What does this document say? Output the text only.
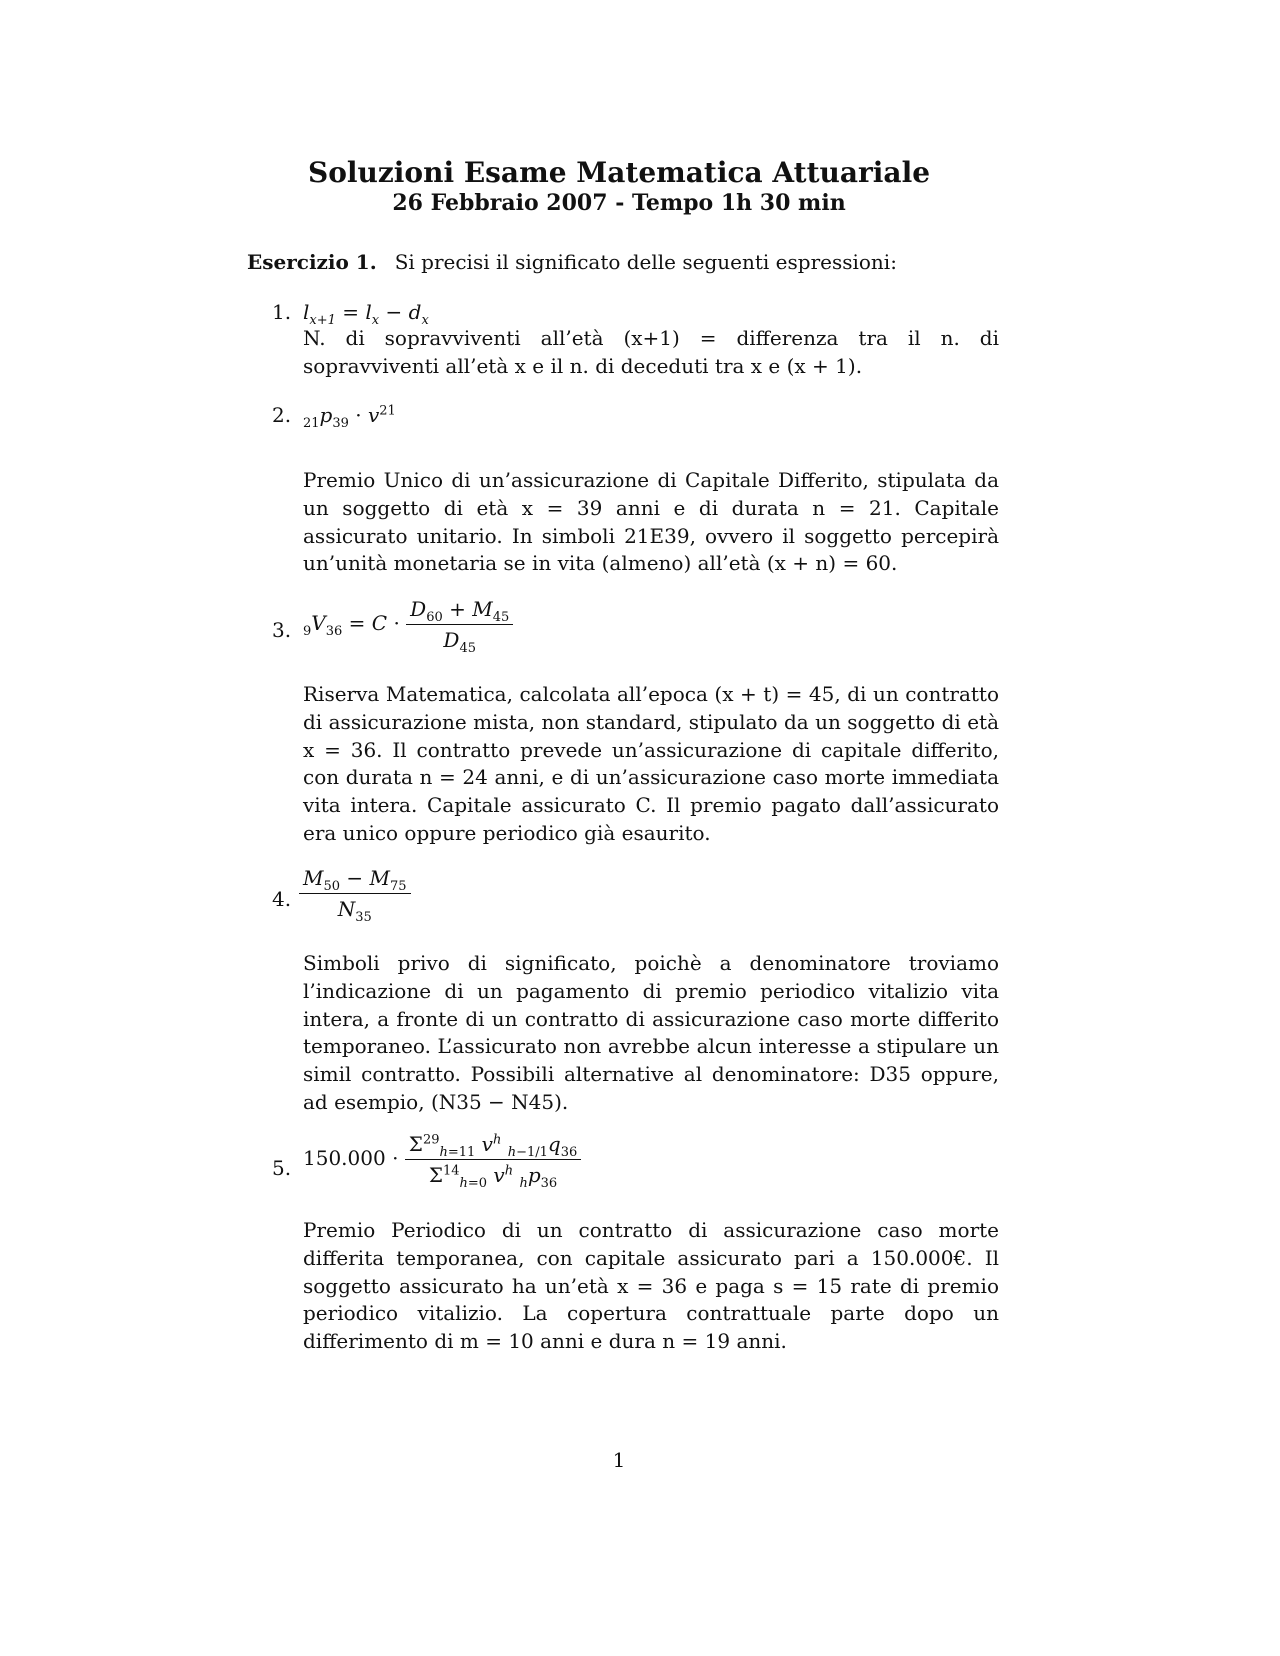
Soluzioni Esame Matematica Attuariale
26 Febbraio 2007 - Tempo 1h 30 min
Esercizio 1. Si precisi il significato delle seguenti espressioni:
1. $l_{x+1} = l_x - d_x$
N. di sopravviventi all’età (x+1) = differenza tra il n. di sopravviventi all’età x e il n. di deceduti tra x e (x + 1).
2. $_{21}p_{39} \cdot v^{21}$
Premio Unico di un’assicurazione di Capitale Differito, stipulata da un soggetto di età x = 39 anni e di durata n = 21. Capitale assicurato unitario. In simboli 21E39, ovvero il soggetto percepirà un’unità monetaria se in vita (almeno) all’età (x + n) = 60.
3. $_9V_{36} = C \cdot \frac{D_{60} + M_{45}}{D_{45}}$
Riserva Matematica, calcolata all’epoca (x + t) = 45, di un contratto di assicurazione mista, non standard, stipulato da un soggetto di età x = 36. Il contratto prevede un’assicurazione di capitale differito, con durata n = 24 anni, e di un’assicurazione caso morte immediata vita intera. Capitale assicurato C. Il premio pagato dall’assicurato era unico oppure periodico già esaurito.
4. $\frac{M_{50} - M_{75}}{N_{35}}$
Simboli privo di significato, poichè a denominatore troviamo l’indicazione di un pagamento di premio periodico vitalizio vita intera, a fronte di un contratto di assicurazione caso morte differito temporaneo. L’assicurato non avrebbe alcun interesse a stipulare un simil contratto. Possibili alternative al denominatore: D35 oppure, ad esempio, (N35 − N45).
5. $150.000 \cdot \frac{\Sigma^{29}_{h=11} v^h _{h-1/1}q_{36}}{\Sigma^{14}_{h=0} v^h _hp_{36}}$
Premio Periodico di un contratto di assicurazione caso morte differita temporanea, con capitale assicurato pari a 150.000€. Il soggetto assicurato ha un’età x = 36 e paga s = 15 rate di premio periodico vitalizio. La copertura contrattuale parte dopo un differimento di m = 10 anni e dura n = 19 anni.
1
